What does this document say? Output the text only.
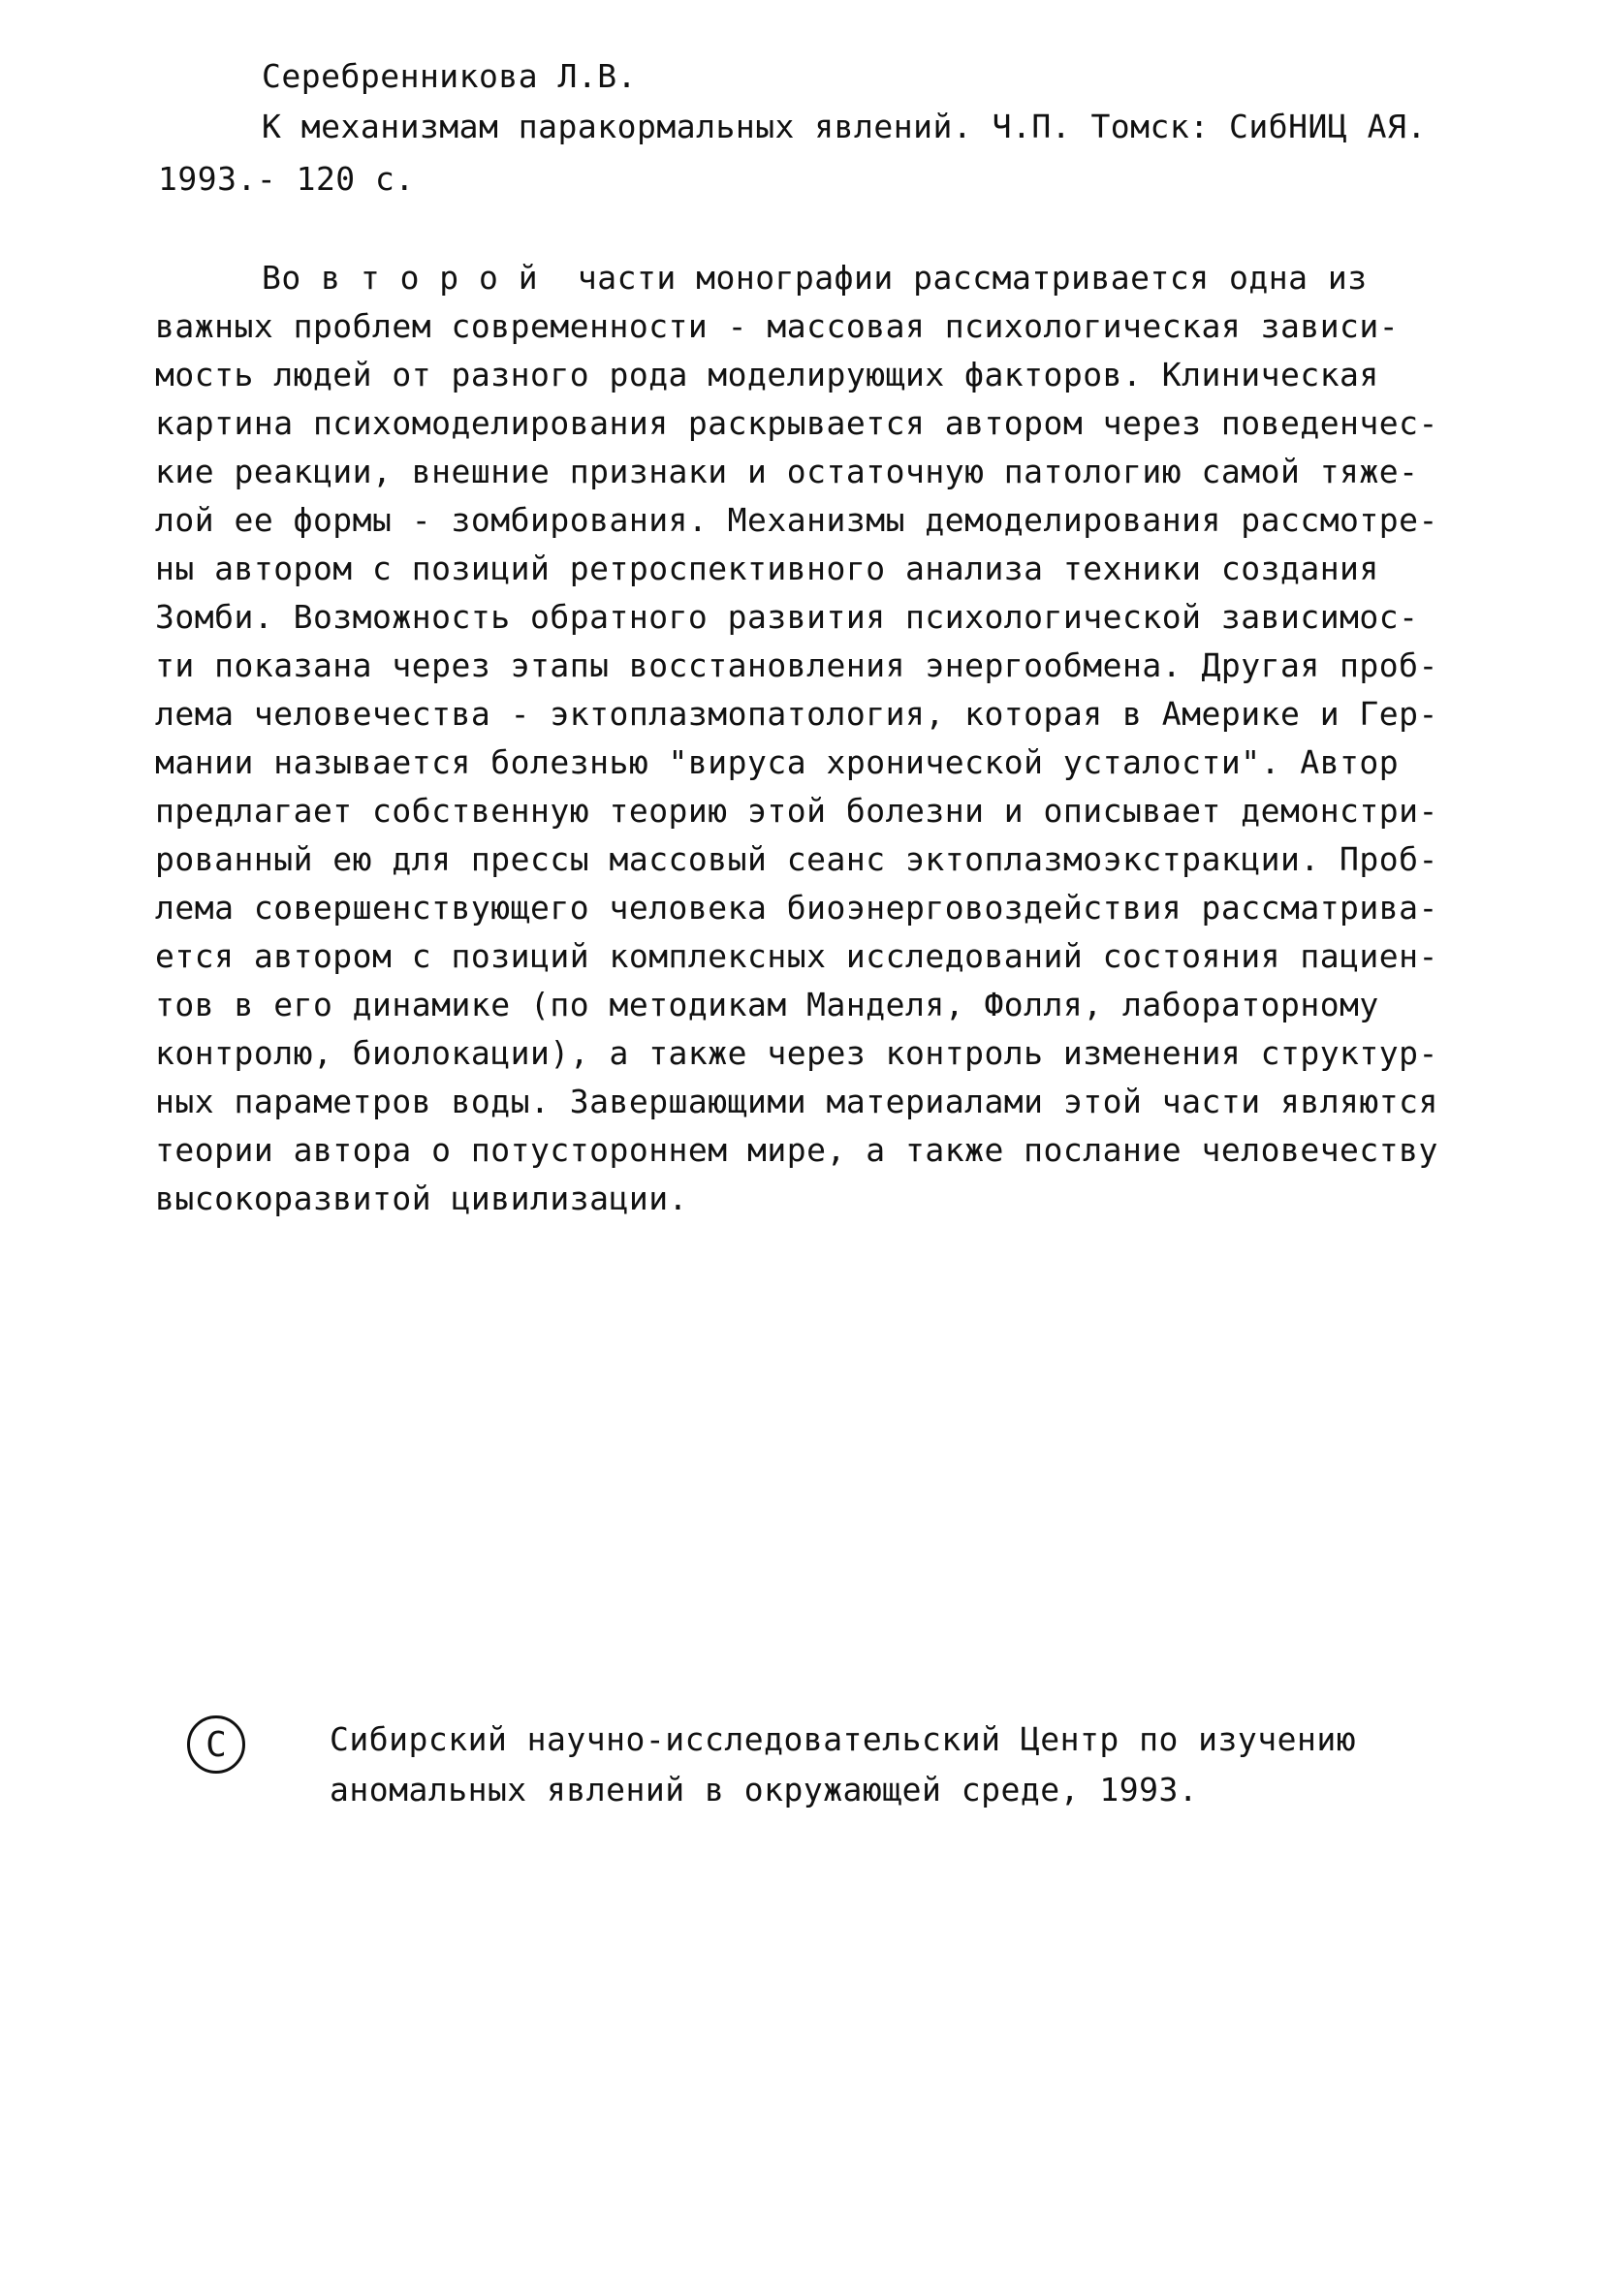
Серебренникова Л.В.
К механизмам паракормальных явлений. Ч.П. Томск: СибНИЦ АЯ.
1993.- 120 с.
Во в т о р о й  части монографии рассматривается одна из
важных проблем современности - массовая психологическая зависи-
мость людей от разного рода моделирующих факторов. Клиническая
картина психомоделирования раскрывается автором через поведенчес-
кие реакции, внешние признаки и остаточную патологию самой тяже-
лой ее формы - зомбирования. Механизмы демоделирования рассмотре-
ны автором с позиций ретроспективного анализа техники создания
Зомби. Возможность обратного развития психологической зависимос-
ти показана через этапы восстановления энергообмена. Другая проб-
лема человечества - эктоплазмопатология, которая в Америке и Гер-
мании называется болезнью "вируса хронической усталости". Автор
предлагает собственную теорию этой болезни и описывает демонстри-
рованный ею для прессы массовый сеанс эктоплазмоэкстракции. Проб-
лема совершенствующего человека биоэнерговоздействия рассматрива-
ется автором с позиций комплексных исследований состояния пациен-
тов в его динамике (по методикам Манделя, Фолля, лабораторному
контролю, биолокации), а также через контроль изменения структур-
ных параметров воды. Завершающими материалами этой части являются
теории автора о потустороннем мире, а также послание человечеству
высокоразвитой цивилизации.
C	Сибирский научно-исследовательский Центр по изучению
аномальных явлений в окружающей среде, 1993.
